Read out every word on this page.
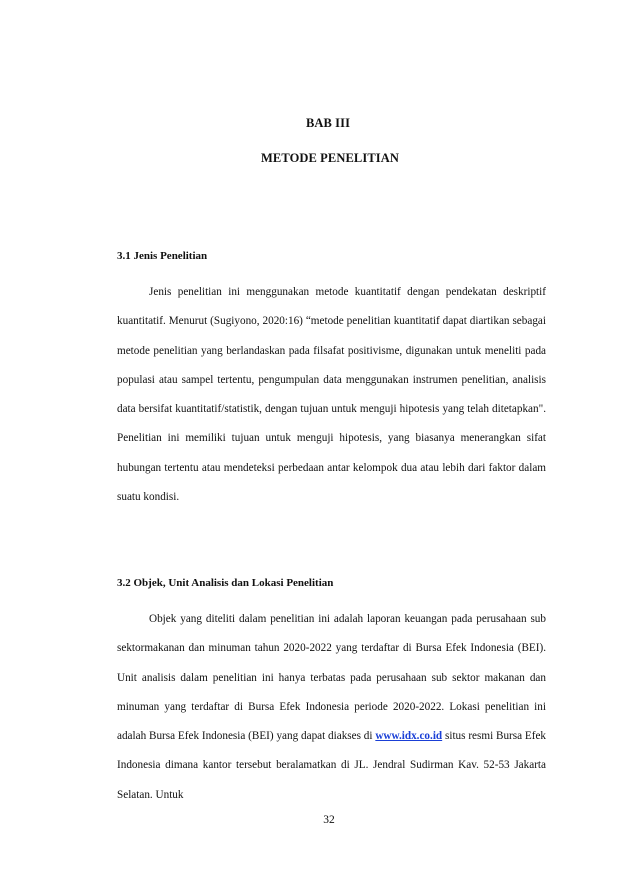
BAB III
METODE PENELITIAN

3.1 Jenis Penelitian

Jenis penelitian ini menggunakan metode kuantitatif dengan pendekatan deskriptif kuantitatif. Menurut (Sugiyono, 2020:16) “metode penelitian kuantitatif dapat diartikan sebagai metode penelitian yang berlandaskan pada filsafat positivisme, digunakan untuk meneliti pada populasi atau sampel tertentu, pengumpulan data menggunakan instrumen penelitian, analisis data bersifat kuantitatif/statistik, dengan tujuan untuk menguji hipotesis yang telah ditetapkan". Penelitian ini memiliki tujuan untuk menguji hipotesis, yang biasanya menerangkan sifat hubungan tertentu atau mendeteksi perbedaan antar kelompok dua atau lebih dari faktor dalam suatu kondisi.

3.2 Objek, Unit Analisis dan Lokasi Penelitian

Objek yang diteliti dalam penelitian ini adalah laporan keuangan pada perusahaan sub sektormakanan dan minuman tahun 2020-2022 yang terdaftar di Bursa Efek Indonesia (BEI). Unit analisis dalam penelitian ini hanya terbatas pada perusahaan sub sektor makanan dan minuman yang terdaftar di Bursa Efek Indonesia periode 2020-2022. Lokasi penelitian ini adalah Bursa Efek Indonesia (BEI) yang dapat diakses di www.idx.co.id situs resmi Bursa Efek Indonesia dimana kantor tersebut beralamatkan di JL. Jendral Sudirman Kav. 52-53 Jakarta Selatan. Untuk

32
